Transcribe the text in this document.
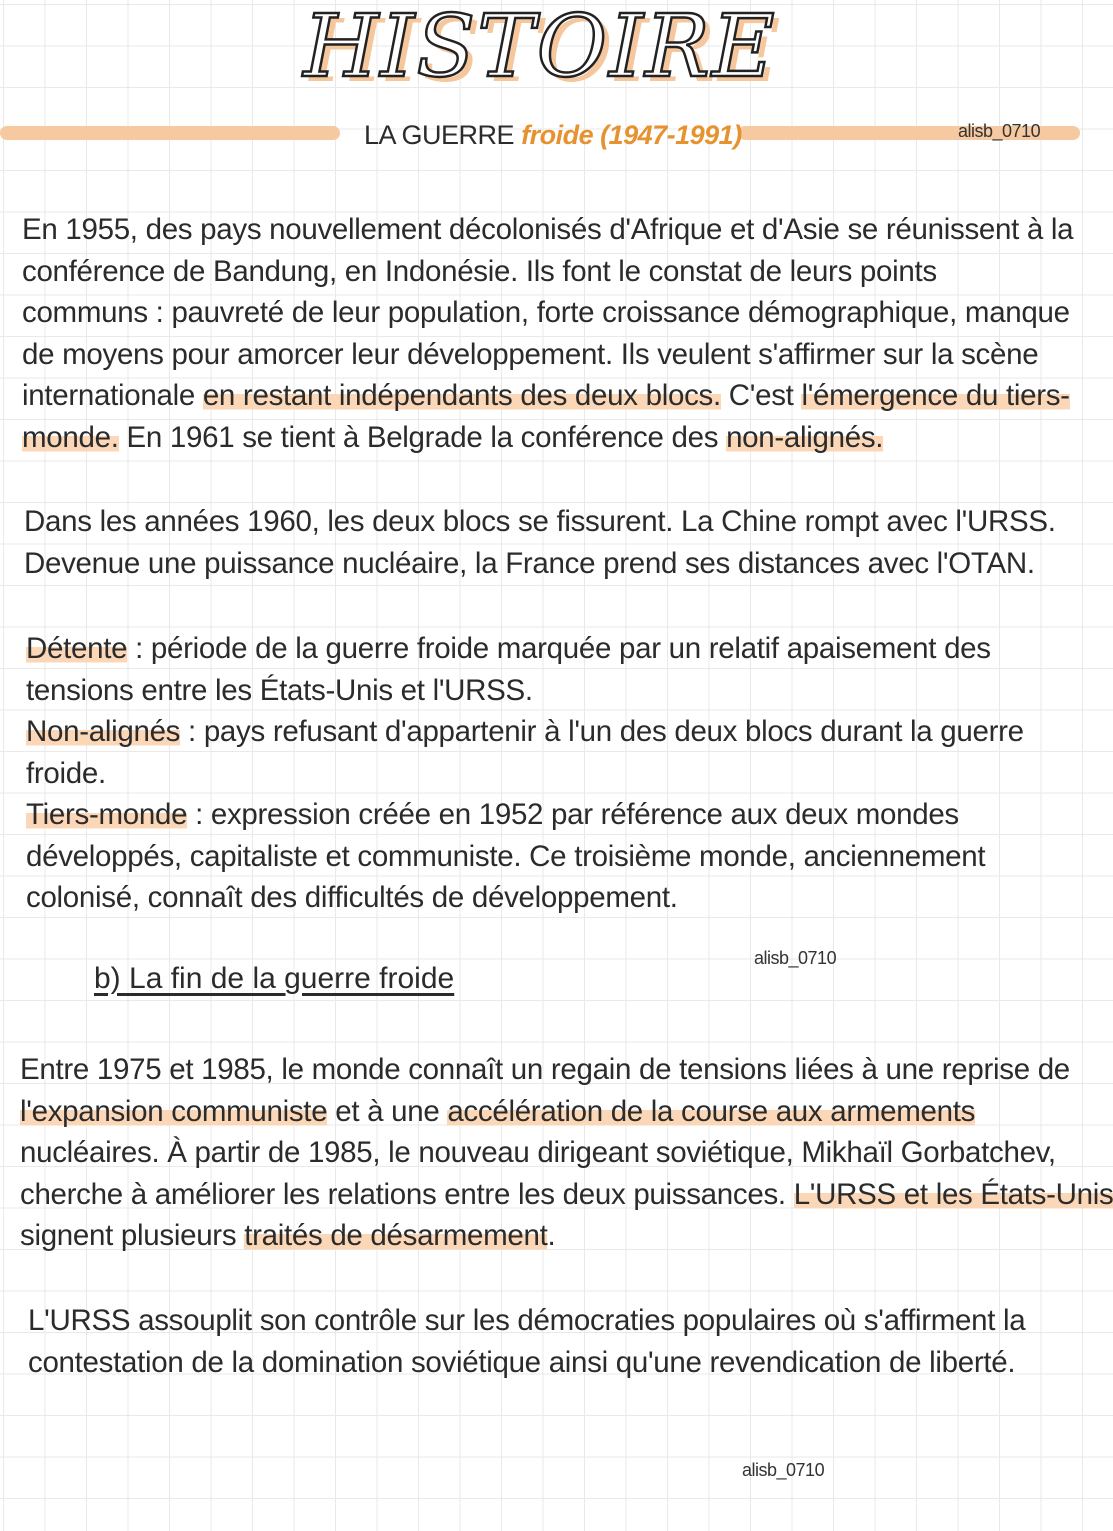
HISTOIRE
LA GUERRE froide (1947-1991)	alisb_0710
En 1955, des pays nouvellement décolonisés d'Afrique et d'Asie se réunissent à la
conférence de Bandung, en Indonésie. Ils font le constat de leurs points
communs : pauvreté de leur population, forte croissance démographique, manque
de moyens pour amorcer leur développement. Ils veulent s'affirmer sur la scène
internationale en restant indépendants des deux blocs. C'est l'émergence du tiers-
monde. En 1961 se tient à Belgrade la conférence des non-alignés.
Dans les années 1960, les deux blocs se fissurent. La Chine rompt avec l'URSS.
Devenue une puissance nucléaire, la France prend ses distances avec l'OTAN.
Détente : période de la guerre froide marquée par un relatif apaisement des
tensions entre les États-Unis et l'URSS.
Non-alignés : pays refusant d'appartenir à l'un des deux blocs durant la guerre
froide.
Tiers-monde : expression créée en 1952 par référence aux deux mondes
développés, capitaliste et communiste. Ce troisième monde, anciennement
colonisé, connaît des difficultés de développement.
b) La fin de la guerre froide
alisb_0710
Entre 1975 et 1985, le monde connaît un regain de tensions liées à une reprise de
l'expansion communiste et à une accélération de la course aux armements
nucléaires. À partir de 1985, le nouveau dirigeant soviétique, Mikhaïl Gorbatchev,
cherche à améliorer les relations entre les deux puissances. L'URSS et les États-Unis
signent plusieurs traités de désarmement.
L'URSS assouplit son contrôle sur les démocraties populaires où s'affirment la
contestation de la domination soviétique ainsi qu'une revendication de liberté.
alisb_0710
